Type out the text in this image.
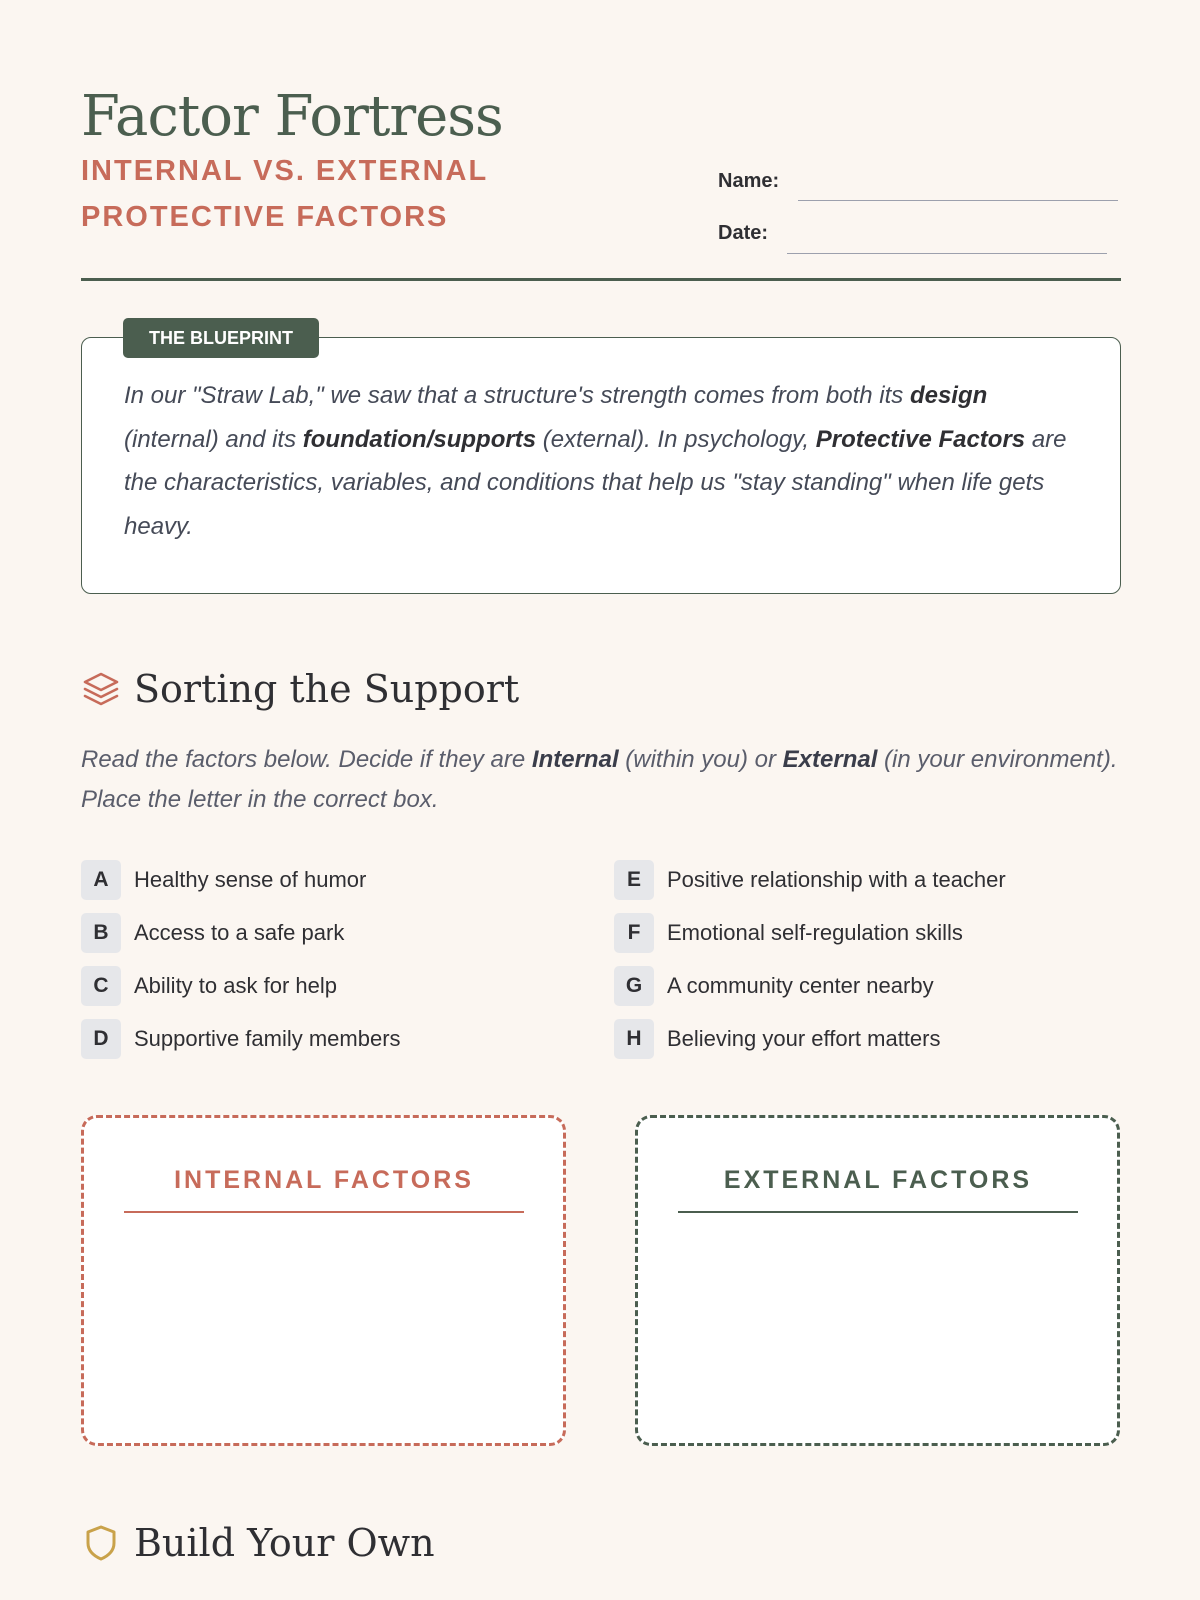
Factor Fortress
INTERNAL VS. EXTERNAL PROTECTIVE FACTORS
Name:
Date:
THE BLUEPRINT

In our "Straw Lab," we saw that a structure's strength comes from both its design (internal) and its foundation/supports (external). In psychology, Protective Factors are the characteristics, variables, and conditions that help us "stay standing" when life gets heavy.

Sorting the Support

Read the factors below. Decide if they are Internal (within you) or External (in your environment). Place the letter in the correct box.

A	Healthy sense of humor
B	Access to a safe park
C	Ability to ask for help
D	Supportive family members
E	Positive relationship with a teacher
F	Emotional self-regulation skills
G	A community center nearby
H	Believing your effort matters
INTERNAL FACTORS	EXTERNAL FACTORS
Build Your Own
